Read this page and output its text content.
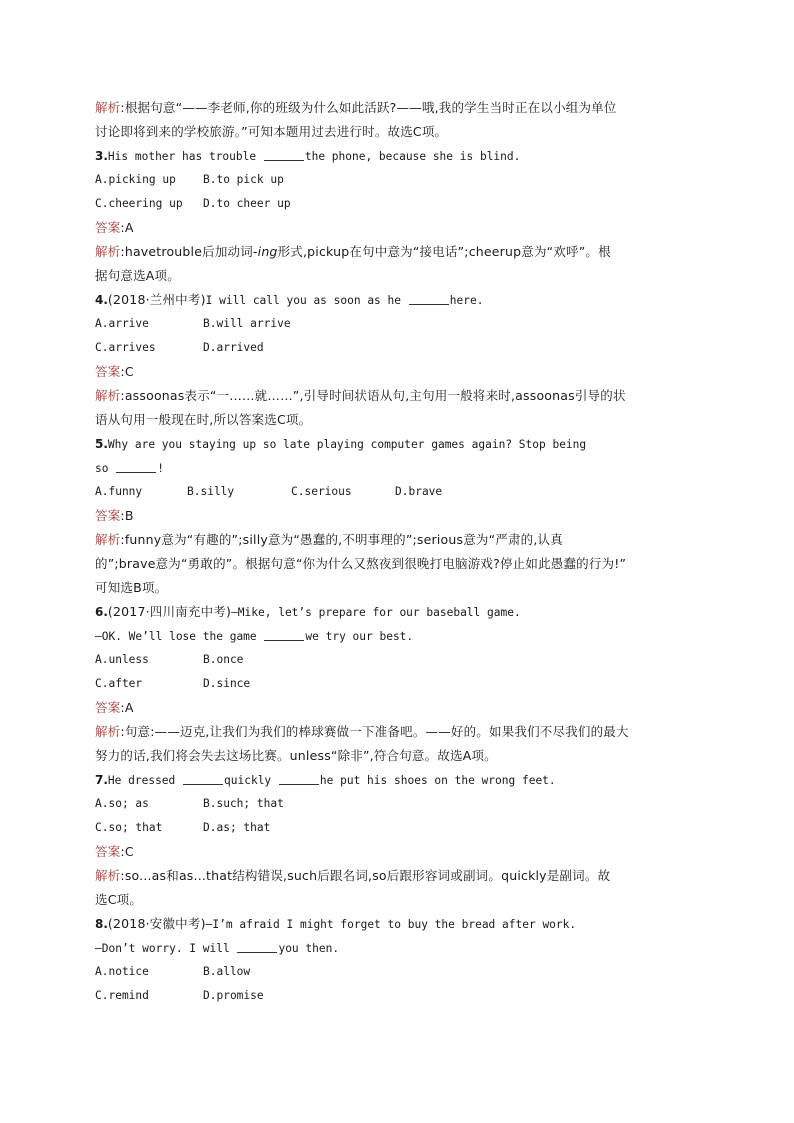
解析:根据句意“——李老师,你的班级为什么如此活跃?——哦,我的学生当时正在以小组为单位
讨论即将到来的学校旅游。”可知本题用过去进行时。故选C项。
3.His mother has trouble	the phone, because she is blind.
A.picking up B.to pick up
C.cheering up D.to cheer up
答案:A
解析:havetrouble后加动词-ing形式,pickup在句中意为“接电话”;cheerup意为“欢呼”。根
据句意选A项。
4.(2018·兰州中考)I will call you as soon as he	here.
A.arrive	B.will arrive
C.arrives	D.arrived
答案:C
解析:assoonas表示“一……就……”,引导时间状语从句,主句用一般将来时,assoonas引导的状
语从句用一般现在时,所以答案选C项。
5.Why are you staying up so late playing computer games again? Stop being
so	!
A.funny	B.silly	C.serious	D.brave
答案:B
解析:funny意为“有趣的”;silly意为“愚蠢的,不明事理的”;serious意为“严肃的,认真
的”;brave意为“勇敢的”。根据句意“你为什么又熬夜到很晚打电脑游戏?停止如此愚蠢的行为!”
可知选B项。
6.(2017·四川南充中考)—Mike, let’s prepare for our baseball game.
—OK. We’ll lose the game	we try our best.
A.unless	B.once
C.after	D.since
答案:A
解析:句意:——迈克,让我们为我们的棒球赛做一下准备吧。——好的。如果我们不尽我们的最大
努力的话,我们将会失去这场比赛。unless“除非”,符合句意。故选A项。
7.He dressed	quickly	he put his shoes on the wrong feet.
A.so; as	B.such; that
C.so; that	D.as; that
答案:C
解析:so...as和as...that结构错误,such后跟名词,so后跟形容词或副词。quickly是副词。故
选C项。
8.(2018·安徽中考)—I’m afraid I might forget to buy the bread after work.
—Don’t worry. I will	you then.
A.notice	B.allow
C.remind	D.promise
